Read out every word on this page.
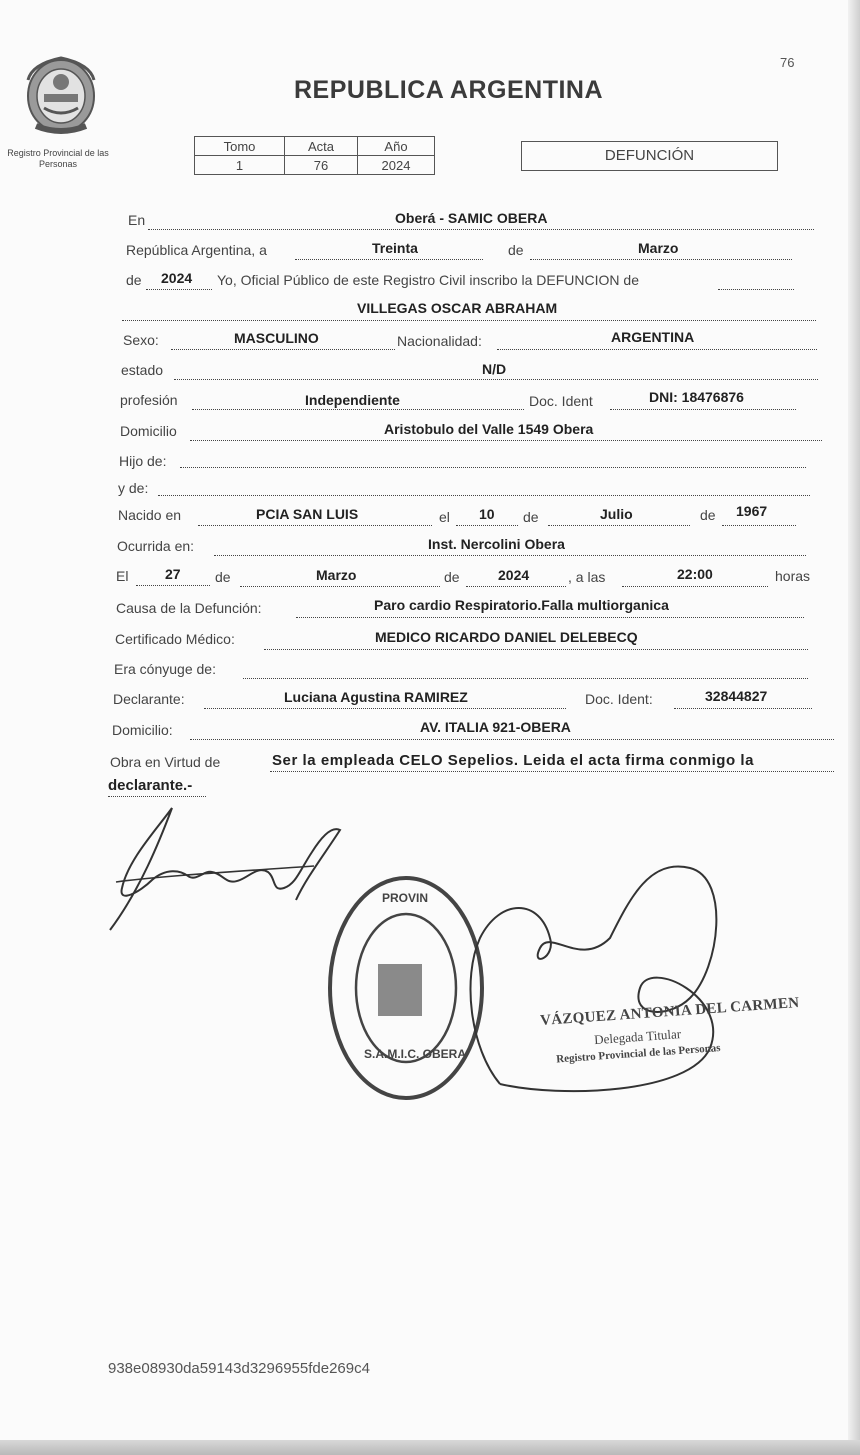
76
Registro Provincial de las Personas
REPUBLICA ARGENTINA
Tomo	Acta	Año
1	76	2024
DEFUNCIÓN
En	Oberá - SAMIC OBERA
República Argentina, a	Treinta	de	Marzo
de 2024 Yo, Oficial Público de este Registro Civil inscribo la DEFUNCION de
VILLEGAS OSCAR ABRAHAM
Sexo:	MASCULINO	Nacionalidad:	ARGENTINA
estado	N/D
profesión	Independiente	Doc. Ident	DNI: 18476876
Domicilio	Aristobulo del Valle 1549 Obera
Hijo de:
y de:
Nacido en	PCIA SAN LUIS	el 10 de	Julio	de 1967
Ocurrida en:	Inst. Nercolini Obera
El	27 de	Marzo	de	2024	, a las	22:00	horas
Causa de la Defunción:	Paro cardio Respiratorio.Falla multiorganica
Certificado Médico:	MEDICO RICARDO DANIEL DELEBECQ
Era cónyuge de:
Declarante:	Luciana Agustina RAMIREZ	Doc. Ident:	32844827
Domicilio:	AV. ITALIA 921-OBERA
Obra en Virtud de	Ser la empleada CELO Sepelios. Leida el acta firma conmigo la
declarante.-
PROVIN
S.A.M.I.C. OBERA
VÁZQUEZ ANTONIA DEL CARMEN
Delegada Titular
Registro Provincial de las Personas
938e08930da59143d3296955fde269c4
